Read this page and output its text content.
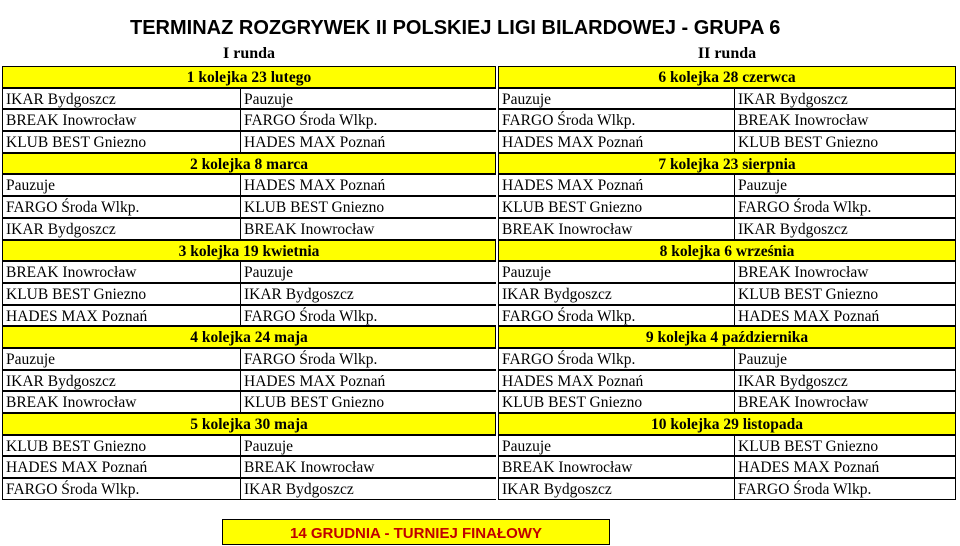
TERMINAZ ROZGRYWEK II POLSKIEJ LIGI BILARDOWEJ - GRUPA 6
I runda	II runda
1 kolejka 23 lutego	6 kolejka 28 czerwca
IKAR Bydgoszcz	Pauzuje	Pauzuje	IKAR Bydgoszcz
BREAK Inowrocław	FARGO Środa Wlkp.	FARGO Środa Wlkp.	BREAK Inowrocław
KLUB BEST Gniezno	HADES MAX Poznań	HADES MAX Poznań	KLUB BEST Gniezno
2 kolejka 8 marca	7 kolejka 23 sierpnia
Pauzuje	HADES MAX Poznań	HADES MAX Poznań	Pauzuje
FARGO Środa Wlkp.	KLUB BEST Gniezno	KLUB BEST Gniezno	FARGO Środa Wlkp.
IKAR Bydgoszcz	BREAK Inowrocław	BREAK Inowrocław	IKAR Bydgoszcz
3 kolejka 19 kwietnia	8 kolejka 6 września
BREAK Inowrocław	Pauzuje	Pauzuje	BREAK Inowrocław
KLUB BEST Gniezno	IKAR Bydgoszcz	IKAR Bydgoszcz	KLUB BEST Gniezno
HADES MAX Poznań	FARGO Środa Wlkp.	FARGO Środa Wlkp.	HADES MAX Poznań
4 kolejka 24 maja	9 kolejka 4 października
Pauzuje	FARGO Środa Wlkp.	FARGO Środa Wlkp.	Pauzuje
IKAR Bydgoszcz	HADES MAX Poznań	HADES MAX Poznań	IKAR Bydgoszcz
BREAK Inowrocław	KLUB BEST Gniezno	KLUB BEST Gniezno	BREAK Inowrocław
5 kolejka 30 maja	10 kolejka 29 listopada
KLUB BEST Gniezno	Pauzuje	Pauzuje	KLUB BEST Gniezno
HADES MAX Poznań	BREAK Inowrocław	BREAK Inowrocław	HADES MAX Poznań
FARGO Środa Wlkp.	IKAR Bydgoszcz	IKAR Bydgoszcz	FARGO Środa Wlkp.
14 GRUDNIA - TURNIEJ FINAŁOWY
